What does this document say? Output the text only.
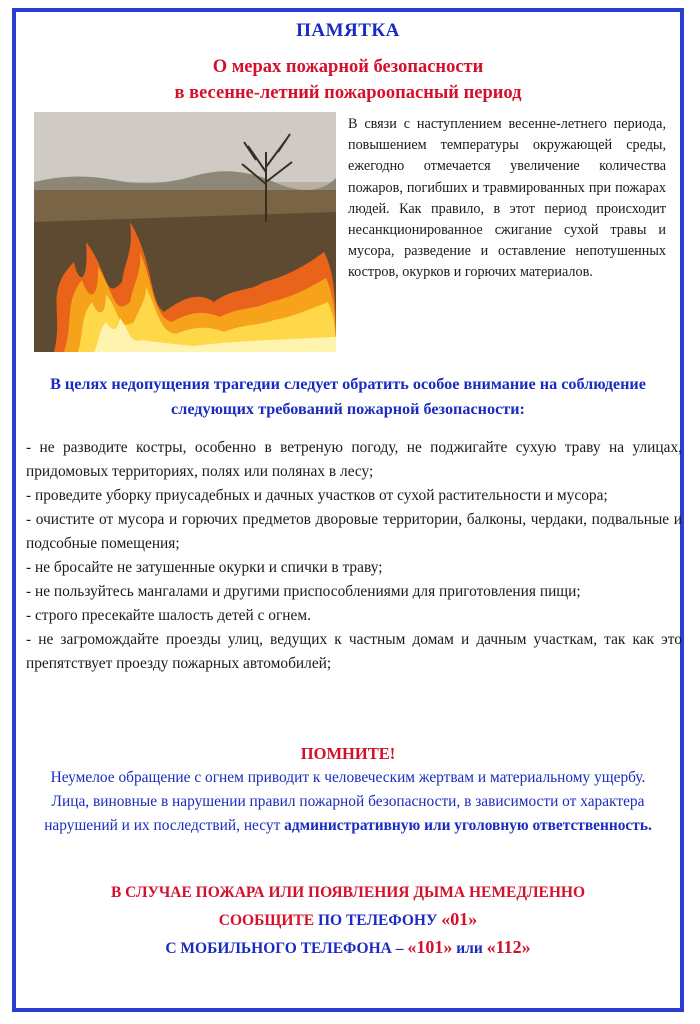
ПАМЯТКА
О мерах пожарной безопасности
в весенне-летний пожароопасный период
В связи с наступлением весенне-летнего периода, повышением температуры окружающей среды, ежегодно отмечается увеличение количества пожаров, погибших и травмированных при пожарах людей. Как правило, в этот период происходит несанкционированное сжигание сухой травы и мусора, разведение и оставление непотушенных костров, окурков и горючих материалов.
В целях недопущения трагедии следует обратить особое внимание на соблюдение следующих требований пожарной безопасности:
- не разводите костры, особенно в ветреную погоду, не поджигайте сухую траву на улицах, придомовых территориях, полях или полянах в лесу;
- проведите уборку приусадебных и дачных участков от сухой растительности и мусора;
- очистите от мусора и горючих предметов дворовые территории, балконы, чердаки, подвальные и подсобные помещения;
- не бросайте не затушенные окурки и спички в траву;
- не пользуйтесь мангалами и другими приспособлениями для приготовления пищи;
- строго пресекайте шалость детей с огнем.
- не загромождайте проезды улиц, ведущих к частным домам и дачным участкам, так как это препятствует проезду пожарных автомобилей;
ПОМНИТЕ!
Неумелое обращение с огнем приводит к человеческим жертвам и материальному ущербу. Лица, виновные в нарушении правил пожарной безопасности, в зависимости от характера нарушений и их последствий, несут административную или уголовную ответственность.
В СЛУЧАЕ ПОЖАРА ИЛИ ПОЯВЛЕНИЯ ДЫМА НЕМЕДЛЕННО
СООБЩИТЕ ПО ТЕЛЕФОНУ «01»
С МОБИЛЬНОГО ТЕЛЕФОНА – «101» или «112»
